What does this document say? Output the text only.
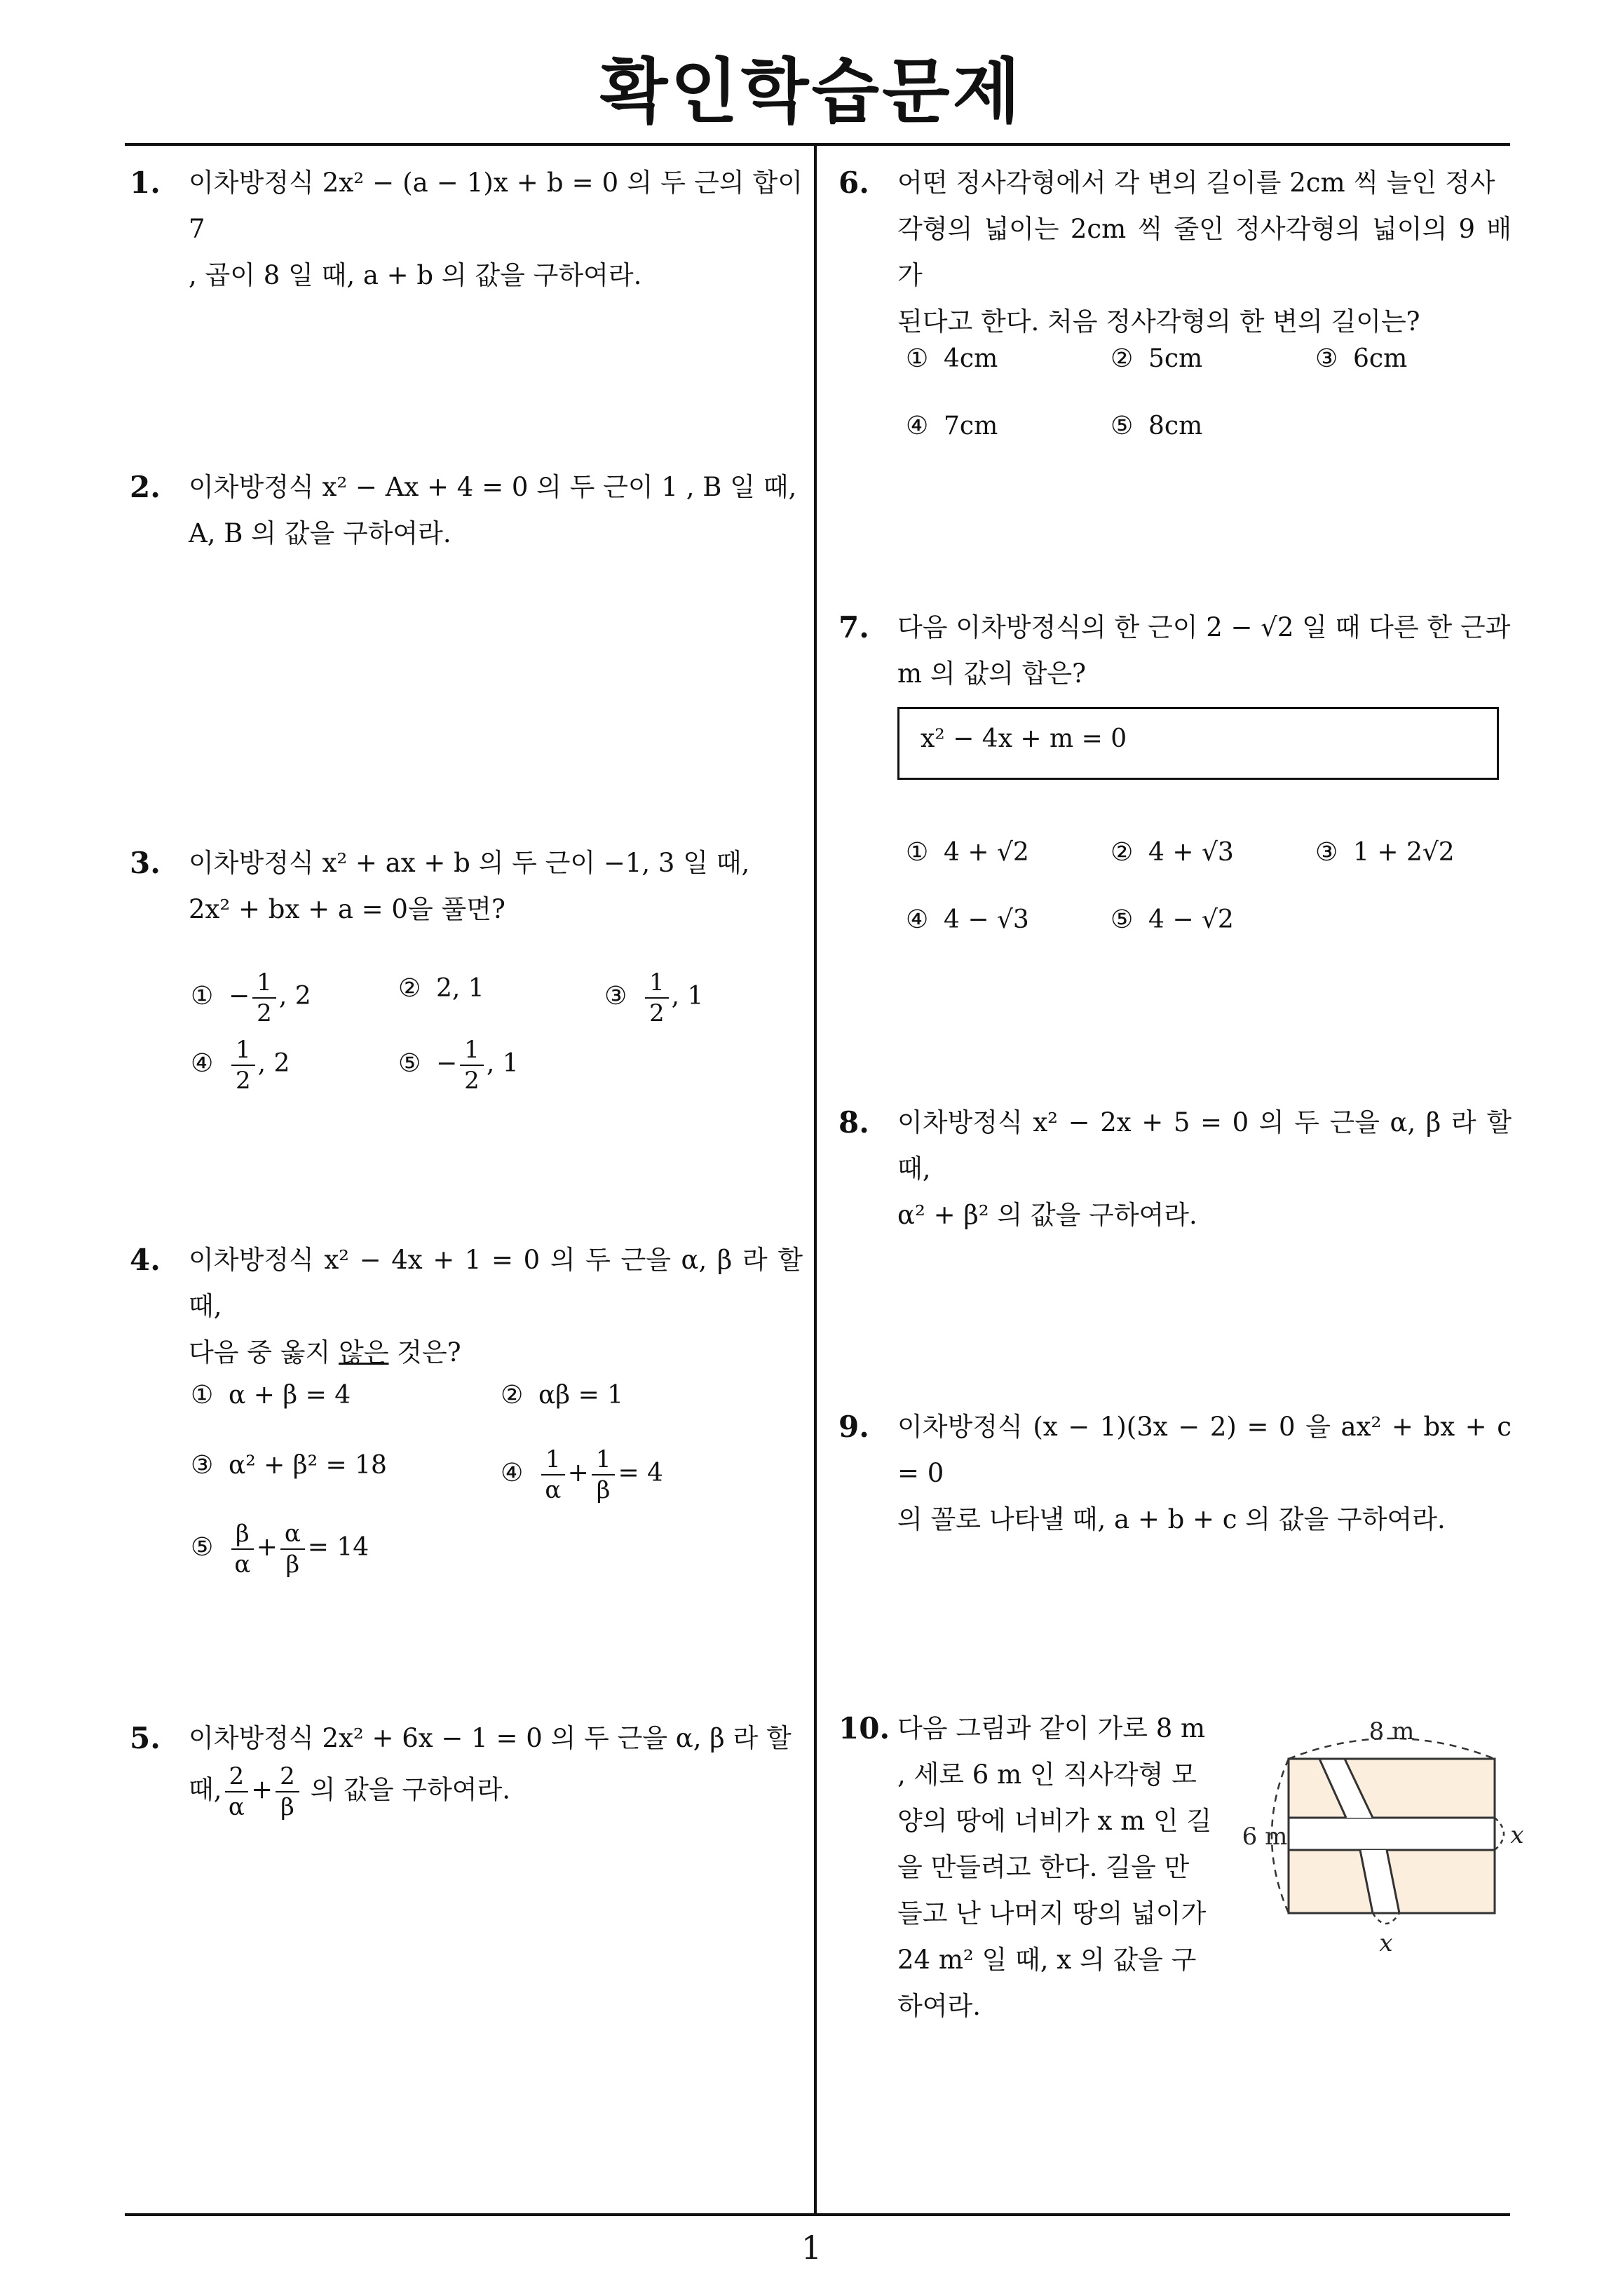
확인학습문제
1
1. 이차방정식 2x² − (a − 1)x + b = 0 의 두 근의 합이 7
, 곱이 8 일 때, a + b 의 값을 구하여라.
2. 이차방정식 x² − Ax + 4 = 0 의 두 근이 1 , B 일 때,
A, B 의 값을 구하여라.
3. 이차방정식 x² + ax + b 의 두 근이 −1, 3 일 때,
2x² + bx + a = 0을 풀면?
① − $\frac{1}{2}$ , 2	② 2, 1	③ $\frac{1}{2}$ , 1
④ $\frac{1}{2}$ , 2	⑤ − $\frac{1}{2}$ , 1
4. 이차방정식 x² − 4x + 1 = 0 의 두 근을 α, β 라 할 때,
다음 중 옳지 않은 것은?
① α + β = 4	② αβ = 1
③ α² + β² = 18	④ $\frac{1}{\alpha} + \frac{1}{\beta} = 4$
⑤ $\frac{\beta}{\alpha} + \frac{\alpha}{\beta} = 14$
5. 이차방정식 2x² + 6x − 1 = 0 의 두 근을 α, β 라 할
때, $\frac{2}{\alpha} + \frac{2}{\beta}$ 의 값을 구하여라.
6. 어떤 정사각형에서 각 변의 길이를 2cm 씩 늘인 정사
각형의 넓이는 2cm 씩 줄인 정사각형의 넓이의 9 배가
된다고 한다. 처음 정사각형의 한 변의 길이는?
① 4cm	② 5cm	③ 6cm
④ 7cm	⑤ 8cm
7. 다음 이차방정식의 한 근이 2 − √2 일 때 다른 한 근과
m 의 값의 합은?
x² − 4x + m = 0
① 4 + √2	② 4 + √3	③ 1 + 2√2
④ 4 − √3	⑤ 4 − √2
8. 이차방정식 x² − 2x + 5 = 0 의 두 근을 α, β 라 할 때,
α² + β² 의 값을 구하여라.
9. 이차방정식 (x − 1)(3x − 2) = 0 을 ax² + bx + c = 0
의 꼴로 나타낼 때, a + b + c 의 값을 구하여라.
10. 다음 그림과 같이 가로 8 m
, 세로 6 m 인 직사각형 모
양의 땅에 너비가 x m 인 길
을 만들려고 한다. 길을 만
들고 난 나머지 땅의 넓이가
24 m² 일 때, x 의 값을 구
하여라.
8 m
6 m	x
x
